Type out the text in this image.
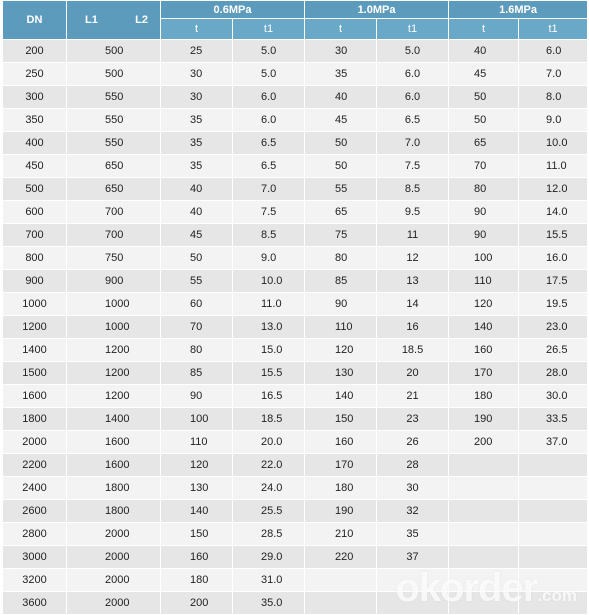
DN	L1 L2	0.6MPa		1.0MPa		1.6MPa	
		t	t1	t	t1	t	t1
200	500	25	5.0	30	5.0	40	6.0
250	500	30	5.0	35	6.0	45	7.0
300	550	30	6.0	40	6.0	50	8.0
350	550	35	6.0	45	6.5	50	9.0
400	550	35	6.5	50	7.0	65	10.0
450	650	35	6.5	50	7.5	70	11.0
500	650	40	7.0	55	8.5	80	12.0
600	700	40	7.5	65	9.5	90	14.0
700	700	45	8.5	75	11	90	15.5
800	750	50	9.0	80	12	100	16.0
900	900	55	10.0	85	13	110	17.5
1000	1000	60	11.0	90	14	120	19.5
1200	1000	70	13.0	110	16	140	23.0
1400	1200	80	15.0	120	18.5	160	26.5
1500	1200	85	15.5	130	20	170	28.0
1600	1200	90	16.5	140	21	180	30.0
1800	1400	100	18.5	150	23	190	33.5
2000	1600	110	20.0	160	26	200	37.0
2200	1600	120	22.0	170	28		
2400	1800	130	24.0	180	30		
2600	1800	140	25.5	190	32		
2800	2000	150	28.5	210	35		
3000	2000	160	29.0	220	37		
3200	2000	180	31.0				
3600	2000	200	35.0					okorder.com
